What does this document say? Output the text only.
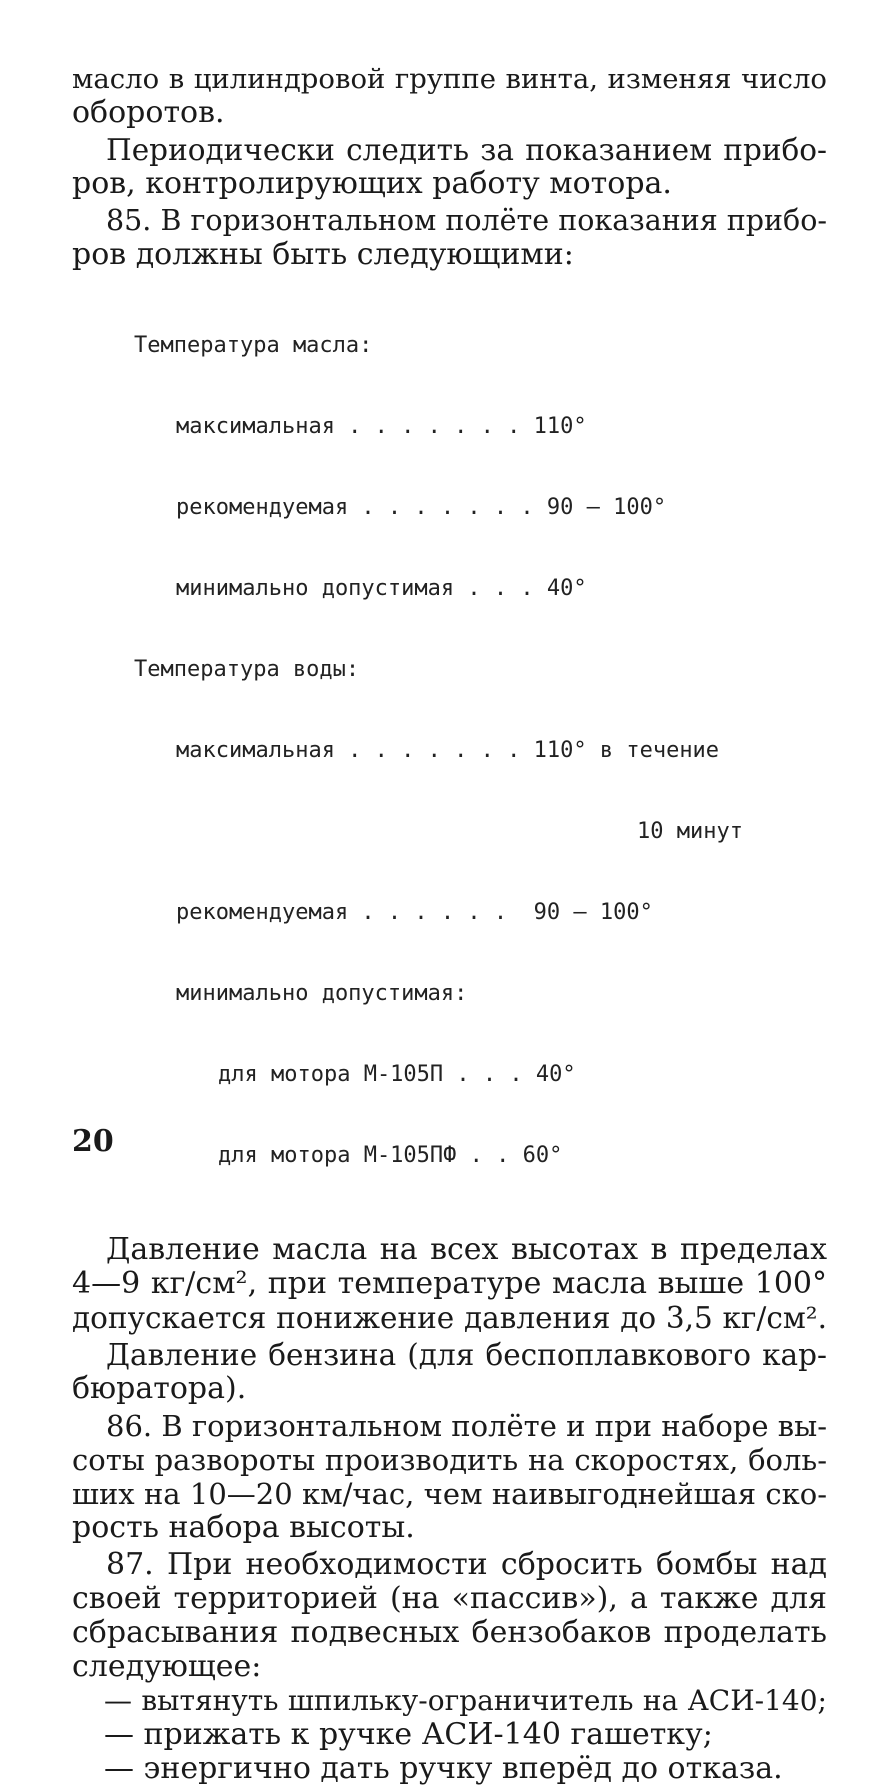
масло в цилиндровой группе винта, изменяя число
оборотов.
Периодически следить за показанием прибо-
ров, контролирующих работу мотора.
85. В горизонтальном полёте показания прибо-
ров должны быть следующими:

Температура масла:

максимальная . . . . . . . 110°

рекомендуемая . . . . . . . 90 — 100°

минимально допустимая . . . 40°

Температура воды:

максимальная . . . . . . . 110° в течение

10 минут

рекомендуемая . . . . . .  90 — 100°

минимально допустимая:

для мотора М-105П . . . 40°

для мотора М-105ПФ . . 60°

Давление масла на всех высотах в пределах
4—9 кг/см², при температуре масла выше 100°
допускается понижение давления до 3,5 кг/см².
Давление бензина (для беспоплавкового кар-
бюратора).
86. В горизонтальном полёте и при наборе вы-
соты развороты производить на скоростях, боль-
ших на 10—20 км/час, чем наивыгоднейшая ско-
рость набора высоты.
87. При необходимости сбросить бомбы над
своей территорией (на «пассив»), а также для
сбрасывания подвесных бензобаков проделать
следующее:
— вытянуть шпильку-ограничитель на АСИ-140;
— прижать к ручке АСИ-140 гашетку;
— энергично дать ручку вперёд до отказа.
20
